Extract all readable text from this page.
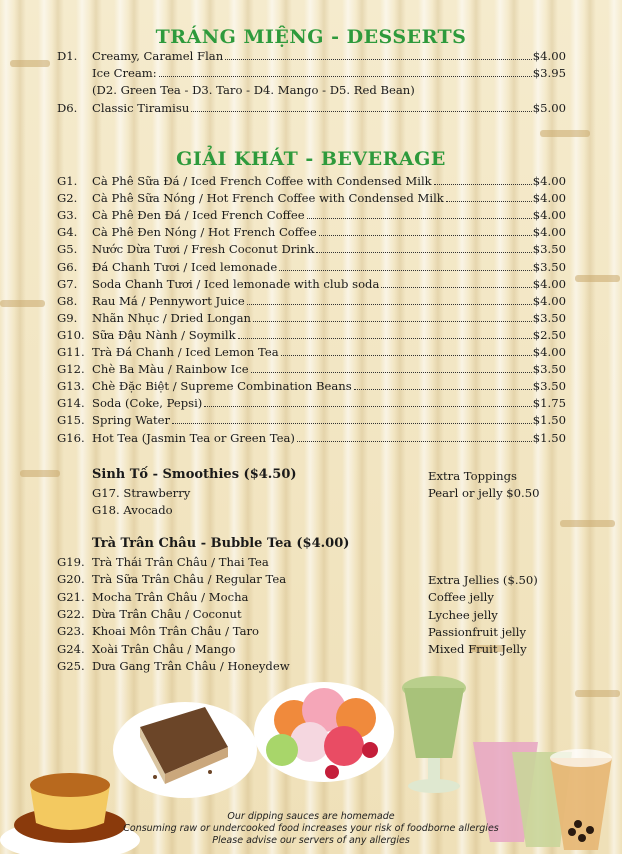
TRÁNG MIỆNG - DESSERTS
D1.	Creamy, Caramel Flan	$4.00
Ice Cream:	$3.95
(D2. Green Tea - D3. Taro - D4. Mango - D5. Red Bean)
D6.	Classic Tiramisu	$5.00
GIẢI KHÁT - BEVERAGE
G1.	Cà Phê Sữa Đá / Iced French Coffee with Condensed Milk	$4.00
G2.	Cà Phê Sữa Nóng / Hot French Coffee with Condensed Milk	$4.00
G3.	Cà Phê Đen Đá / Iced French Coffee	$4.00
G4.	Cà Phê Đen Nóng / Hot French Coffee	$4.00
G5.	Nước Dừa Tươi / Fresh Coconut Drink	$3.50
G6.	Đá Chanh Tươi / Iced lemonade	$3.50
G7.	Soda Chanh Tươi / Iced lemonade with club soda	$4.00
G8.	Rau Má / Pennywort Juice	$4.00
G9.	Nhãn Nhục / Dried Longan	$3.50
G10. Sữa Đậu Nành / Soymilk	$2.50
G11. Trà Đá Chanh / Iced Lemon Tea	$4.00
G12. Chè Ba Màu / Rainbow Ice	$3.50
G13. Chè Đặc Biệt / Supreme Combination Beans	$3.50
G14. Soda (Coke, Pepsi)	$1.75
G15. Spring Water	$1.50
G16. Hot Tea (Jasmin Tea or Green Tea)	$1.50
Sinh Tố - Smoothies ($4.50)
G17. Strawberry
G18. Avocado
Extra Toppings
Pearl or jelly $0.50
Trà Trân Châu - Bubble Tea ($4.00)
G19. Trà Thái Trân Châu / Thai Tea
G20. Trà Sữa Trân Châu / Regular Tea
G21. Mocha Trân Châu / Mocha
G22. Dừa Trân Châu / Coconut
G23. Khoai Môn Trân Châu / Taro
G24. Xoài Trân Châu / Mango
G25. Dưa Gang Trân Châu / Honeydew
Extra Jellies ($.50)
Coffee jelly
Lychee jelly
Passionfruit jelly
Mixed Fruit Jelly
Our dipping sauces are homemade
Consuming raw or undercooked food increases your risk of foodborne allergies
Please advise our servers of any allergies
